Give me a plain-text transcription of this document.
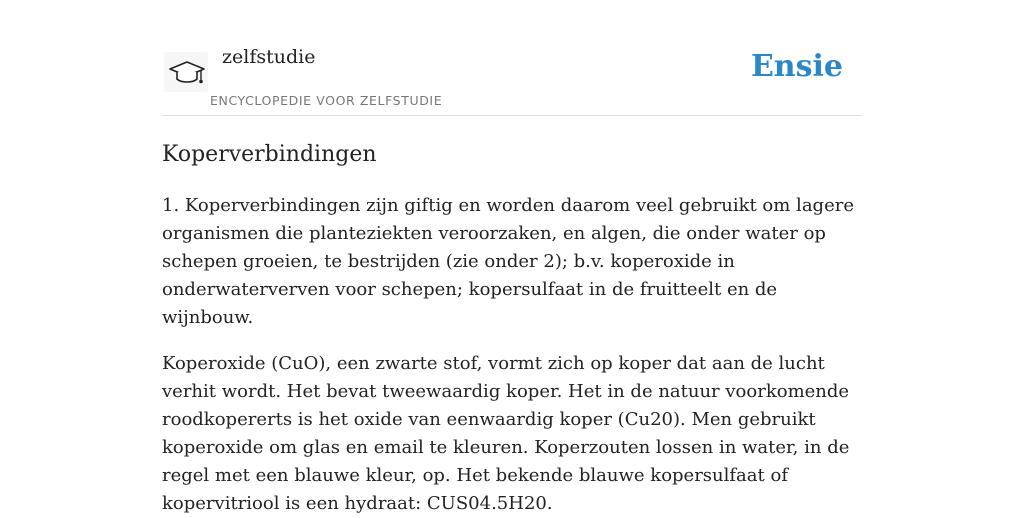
zelfstudie
ENCYCLOPEDIE VOOR ZELFSTUDIE
Ensie
Koperverbindingen

1. Koperverbindingen zijn giftig en worden daarom veel gebruikt om lagere organismen die planteziekten veroorzaken, en algen, die onder water op schepen groeien, te bestrijden (zie onder 2); b.v. koperoxide in onderwaterverven voor schepen; kopersulfaat in de fruitteelt en de wijnbouw.

Koperoxide (CuO), een zwarte stof, vormt zich op koper dat aan de lucht verhit wordt. Het bevat tweewaardig koper. Het in de natuur voorkomende roodkopererts is het oxide van eenwaardig koper (Cu20). Men gebruikt koperoxide om glas en email te kleuren. Koperzouten lossen in water, in de regel met een blauwe kleur, op. Het bekende blauwe kopersulfaat of kopervitriool is een hydraat: CUS04.5H20.
